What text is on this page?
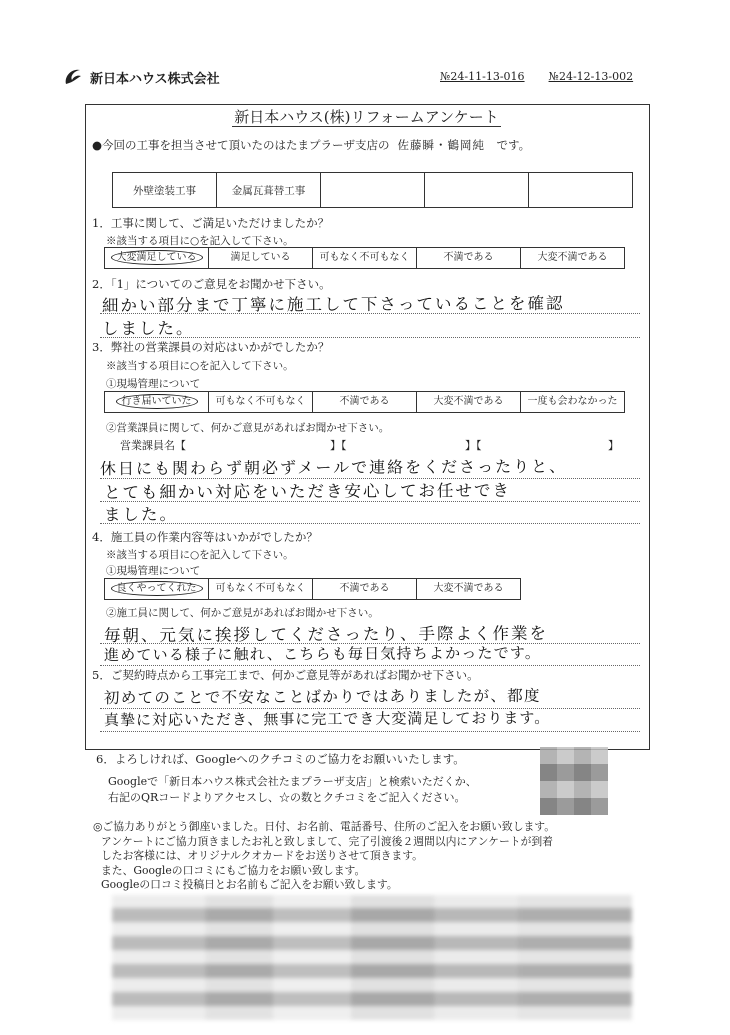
新日本ハウス株式会社	№24-11-13-016 №24-12-13-002
新日本ハウス(株)リフォームアンケート
●今回の工事を担当させて頂いたのはたまプラーザ支店の 佐藤瞬・鶴岡純　 です。
外壁塗装工事	金属瓦葺替工事			
1．工事に関して、ご満足いただけましたか？
※該当する項目に○を記入して下さい。
大変満足している	満足している	可もなく不可もなく	不満である	大変不満である
2．「1」についてのご意見をお聞かせ下さい。
細かい部分まで丁寧に施工して下さっていることを確認
しました。
3．弊社の営業課員の対応はいかがでしたか？
※該当する項目に○を記入して下さい。
①現場管理について
行き届いていた	可もなく不可もなく	不満である	大変不満である	一度も会わなかった
②営業課員に関して、何かご意見があればお聞かせ下さい。
営業課員名【	】【	】【	】
休日にも関わらず朝必ずメールで連絡をくださったりと、
とても細かい対応をいただき安心してお任せでき
ました。
4．施工員の作業内容等はいかがでしたか？
※該当する項目に○を記入して下さい。
①現場管理について
良くやってくれた	可もなく不可もなく	不満である	大変不満である
②施工員に関して、何かご意見があればお聞かせ下さい。
毎朝、元気に挨拶してくださったり、手際よく作業を
進めている様子に触れ、こちらも毎日気持ちよかったです。
5．ご契約時点から工事完工まで、何かご意見等があればお聞かせ下さい。
初めてのことで不安なことばかりではありましたが、都度
真摯に対応いただき、無事に完工でき大変満足しております。
6．よろしければ、Googleへのクチコミのご協力をお願いいたします。
Googleで「新日本ハウス株式会社たまプラーザ支店」と検索いただくか、
右記のQRコードよりアクセスし、☆の数とクチコミをご記入ください。
◎ご協力ありがとう御座いました。日付、お名前、電話番号、住所のご記入をお願い致します。
アンケートにご協力頂きましたお礼と致しまして、完了引渡後２週間以内にアンケートが到着
したお客様には、オリジナルクオカードをお送りさせて頂きます。
また、Googleの口コミにもご協力をお願い致します。
Googleの口コミ投稿日とお名前もご記入をお願い致します。
